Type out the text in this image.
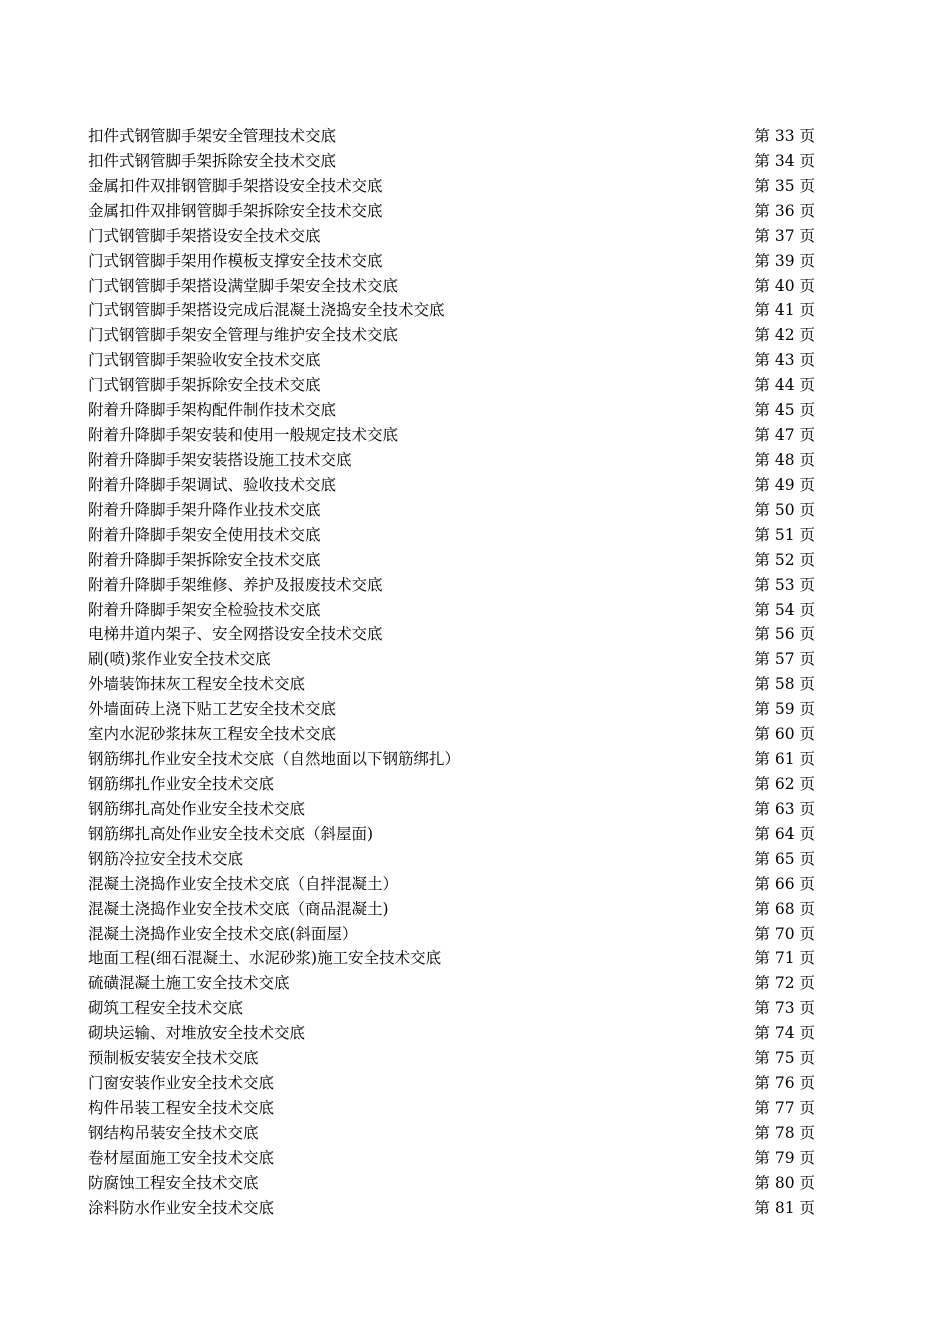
扣件式钢管脚手架安全管理技术交底	第 33 页
扣件式钢管脚手架拆除安全技术交底	第 34 页
金属扣件双排钢管脚手架搭设安全技术交底	第 35 页
金属扣件双排钢管脚手架拆除安全技术交底	第 36 页
门式钢管脚手架搭设安全技术交底	第 37 页
门式钢管脚手架用作模板支撑安全技术交底	第 39 页
门式钢管脚手架搭设满堂脚手架安全技术交底	第 40 页
门式钢管脚手架搭设完成后混凝土浇捣安全技术交底	第 41 页
门式钢管脚手架安全管理与维护安全技术交底	第 42 页
门式钢管脚手架验收安全技术交底	第 43 页
门式钢管脚手架拆除安全技术交底	第 44 页
附着升降脚手架构配件制作技术交底	第 45 页
附着升降脚手架安装和使用一般规定技术交底	第 47 页
附着升降脚手架安装搭设施工技术交底	第 48 页
附着升降脚手架调试、验收技术交底	第 49 页
附着升降脚手架升降作业技术交底	第 50 页
附着升降脚手架安全使用技术交底	第 51 页
附着升降脚手架拆除安全技术交底	第 52 页
附着升降脚手架维修、养护及报废技术交底	第 53 页
附着升降脚手架安全检验技术交底	第 54 页
电梯井道内架子、安全网搭设安全技术交底	第 56 页
刷(喷)浆作业安全技术交底	第 57 页
外墙装饰抹灰工程安全技术交底	第 58 页
外墙面砖上浇下贴工艺安全技术交底	第 59 页
室内水泥砂浆抹灰工程安全技术交底	第 60 页
钢筋绑扎作业安全技术交底（自然地面以下钢筋绑扎）	第 61 页
钢筋绑扎作业安全技术交底	第 62 页
钢筋绑扎高处作业安全技术交底	第 63 页
钢筋绑扎高处作业安全技术交底（斜屋面)	第 64 页
钢筋冷拉安全技术交底	第 65 页
混凝土浇捣作业安全技术交底（自拌混凝土）	第 66 页
混凝土浇捣作业安全技术交底（商品混凝土)	第 68 页
混凝土浇捣作业安全技术交底(斜面屋）	第 70 页
地面工程(细石混凝土、水泥砂浆)施工安全技术交底	第 71 页
硫磺混凝土施工安全技术交底	第 72 页
砌筑工程安全技术交底	第 73 页
砌块运输、对堆放安全技术交底	第 74 页
预制板安装安全技术交底	第 75 页
门窗安装作业安全技术交底	第 76 页
构件吊装工程安全技术交底	第 77 页
钢结构吊装安全技术交底	第 78 页
卷材屋面施工安全技术交底	第 79 页
防腐蚀工程安全技术交底	第 80 页
涂料防水作业安全技术交底	第 81 页
